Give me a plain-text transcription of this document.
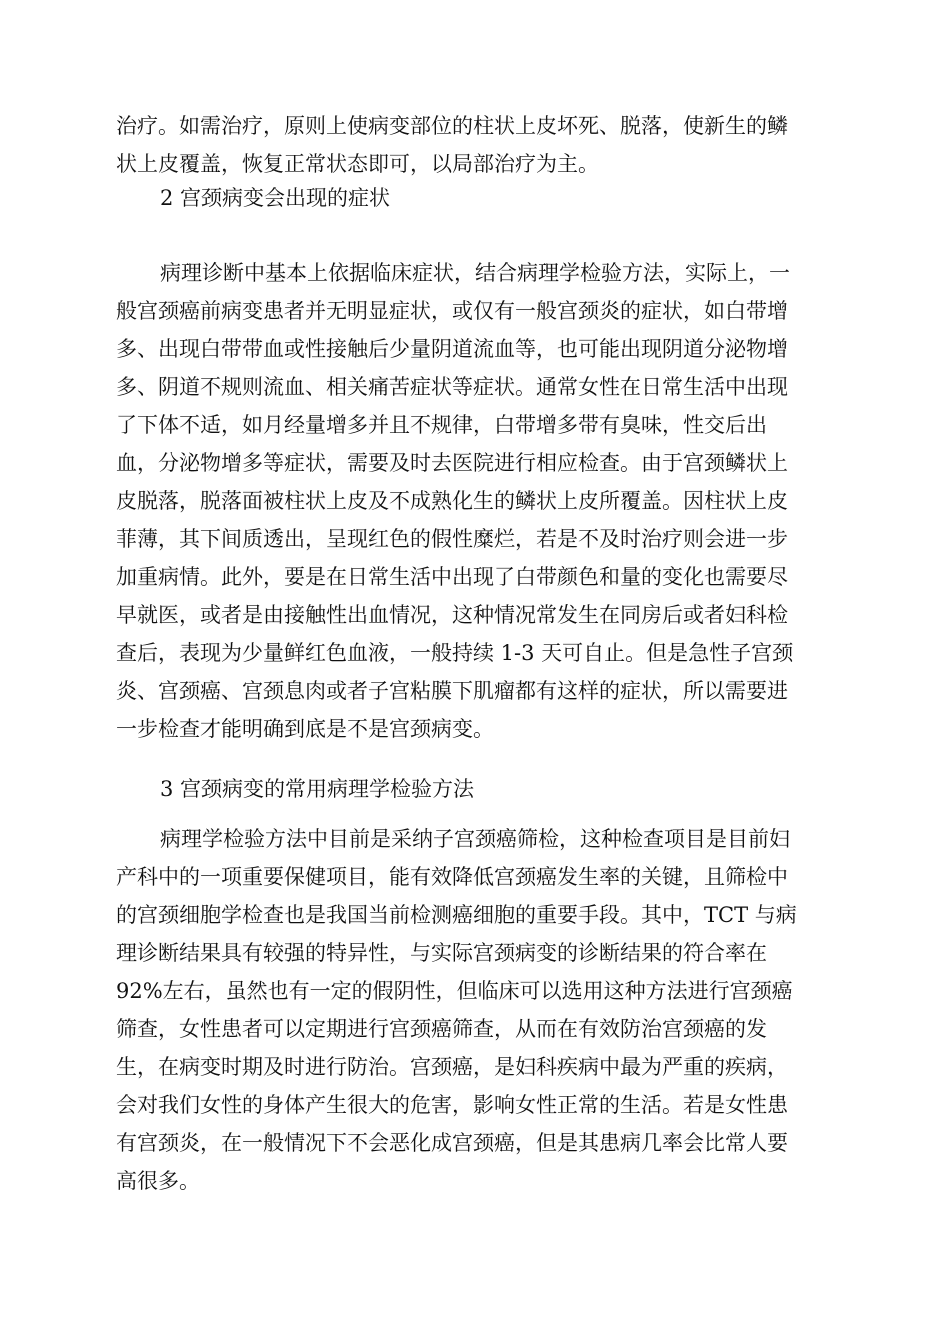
治疗。如需治疗，原则上使病变部位的柱状上皮坏死、脱落，使新生的鳞
状上皮覆盖，恢复正常状态即可，以局部治疗为主。
2 宫颈病变会出现的症状
病理诊断中基本上依据临床症状，结合病理学检验方法，实际上，一
般宫颈癌前病变患者并无明显症状，或仅有一般宫颈炎的症状，如白带增
多、出现白带带血或性接触后少量阴道流血等，也可能出现阴道分泌物增
多、阴道不规则流血、相关痛苦症状等症状。通常女性在日常生活中出现
了下体不适，如月经量增多并且不规律，白带增多带有臭味，性交后出
血，分泌物增多等症状，需要及时去医院进行相应检查。由于宫颈鳞状上
皮脱落，脱落面被柱状上皮及不成熟化生的鳞状上皮所覆盖。因柱状上皮
菲薄，其下间质透出，呈现红色的假性糜烂，若是不及时治疗则会进一步
加重病情。此外，要是在日常生活中出现了白带颜色和量的变化也需要尽
早就医，或者是由接触性出血情况，这种情况常发生在同房后或者妇科检
查后，表现为少量鲜红色血液，一般持续 1-3 天可自止。但是急性子宫颈
炎、宫颈癌、宫颈息肉或者子宫粘膜下肌瘤都有这样的症状，所以需要进
一步检查才能明确到底是不是宫颈病变。
3 宫颈病变的常用病理学检验方法
病理学检验方法中目前是采纳子宫颈癌筛检，这种检查项目是目前妇
产科中的一项重要保健项目，能有效降低宫颈癌发生率的关键，且筛检中
的宫颈细胞学检查也是我国当前检测癌细胞的重要手段。其中，TCT 与病
理诊断结果具有较强的特异性，与实际宫颈病变的诊断结果的符合率在
92%左右，虽然也有一定的假阴性，但临床可以选用这种方法进行宫颈癌
筛查，女性患者可以定期进行宫颈癌筛查，从而在有效防治宫颈癌的发
生，在病变时期及时进行防治。宫颈癌，是妇科疾病中最为严重的疾病，
会对我们女性的身体产生很大的危害，影响女性正常的生活。若是女性患
有宫颈炎，在一般情况下不会恶化成宫颈癌，但是其患病几率会比常人要
高很多。
